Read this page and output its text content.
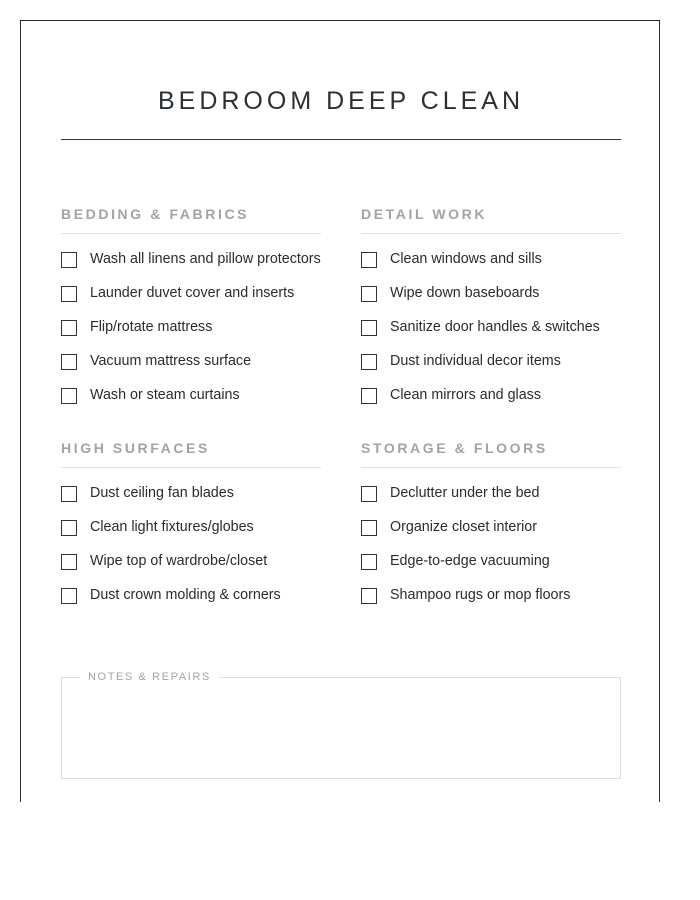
BEDROOM DEEP CLEAN
BEDDING & FABRICS
Wash all linens and pillow protectors
Launder duvet cover and inserts
Flip/rotate mattress
Vacuum mattress surface
Wash or steam curtains
DETAIL WORK
Clean windows and sills
Wipe down baseboards
Sanitize door handles & switches
Dust individual decor items
Clean mirrors and glass
HIGH SURFACES
Dust ceiling fan blades
Clean light fixtures/globes
Wipe top of wardrobe/closet
Dust crown molding & corners
STORAGE & FLOORS
Declutter under the bed
Organize closet interior
Edge-to-edge vacuuming
Shampoo rugs or mop floors
NOTES & REPAIRS
